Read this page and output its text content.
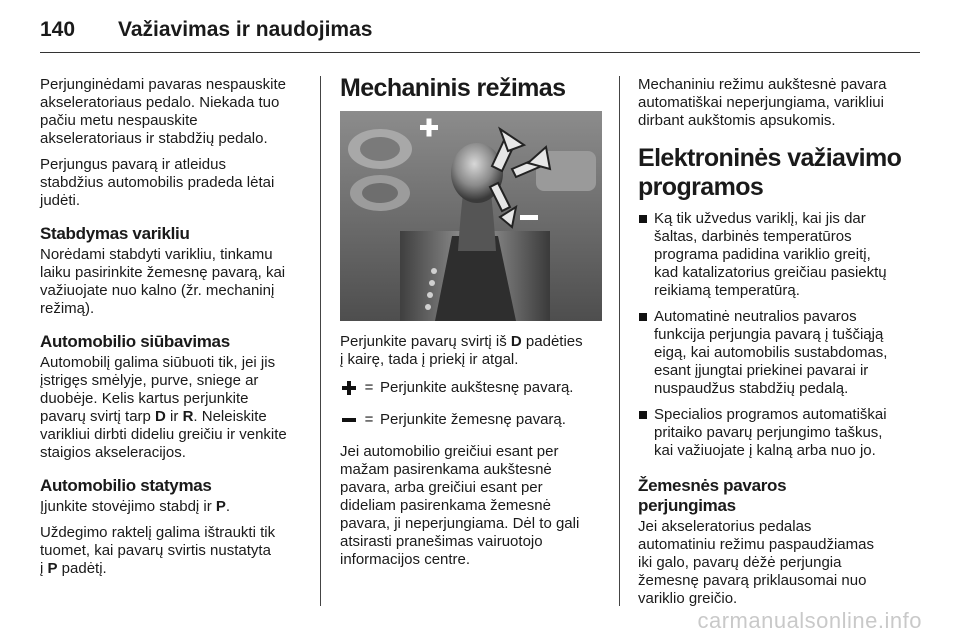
140 Važiavimas ir naudojimas

Perjunginėdami pavaras nespauskite
akseleratoriaus pedalo. Niekada tuo
pačiu metu nespauskite
akseleratoriaus ir stabdžių pedalo.

Perjungus pavarą ir atleidus
stabdžius automobilis pradeda lėtai
judėti.

Stabdymas varikliu

Norėdami stabdyti varikliu, tinkamu
laiku pasirinkite žemesnę pavarą, kai
važiuojate nuo kalno (žr. mechaninį
režimą).

Automobilio siūbavimas

Automobilį galima siūbuoti tik, jei jis
įstrigęs smėlyje, purve, sniege ar
duobėje. Kelis kartus perjunkite
pavarų svirtį tarp D ir R. Neleiskite
varikliui dirbti dideliu greičiu ir venkite
staigios akseleracijos.

Automobilio statymas

Įjunkite stovėjimo stabdį ir P.

Uždegimo raktelį galima ištraukti tik
tuomet, kai pavarų svirtis nustatyta
į P padėtį.

Mechaninis režimas

Perjunkite pavarų svirtį iš D padėties
į kairę, tada į priekį ir atgal.

= Perjunkite aukštesnę pavarą.
= Perjunkite žemesnę pavarą.

Jei automobilio greičiui esant per
mažam pasirenkama aukštesnė
pavara, arba greičiui esant per
dideliam pasirenkama žemesnė
pavara, ji neperjungiama. Dėl to gali
atsirasti pranešimas vairuotojo
informacijos centre.

Mechaniniu režimu aukštesnė pavara
automatiškai neperjungiama, varikliui
dirbant aukštomis apsukomis.

Elektroninės važiavimo
programos
Ką tik užvedus variklį, kai jis dar
šaltas, darbinės temperatūros
programa padidina variklio greitį,
kad katalizatorius greičiau pasiektų
reikiamą temperatūrą.
Automatinė neutralios pavaros
funkcija perjungia pavarą į tuščiąją
eigą, kai automobilis sustabdomas,
esant įjungtai priekinei pavarai ir
nuspaudžus stabdžių pedalą.
Specialios programos automatiškai
pritaiko pavarų perjungimo taškus,
kai važiuojate į kalną arba nuo jo.
Žemesnės pavaros
perjungimas

Jei akseleratorius pedalas
automatiniu režimu paspaudžiamas
iki galo, pavarų dėžė perjungia
žemesnę pavarą priklausomai nuo
variklio greičio.

carmanualsonline.info
